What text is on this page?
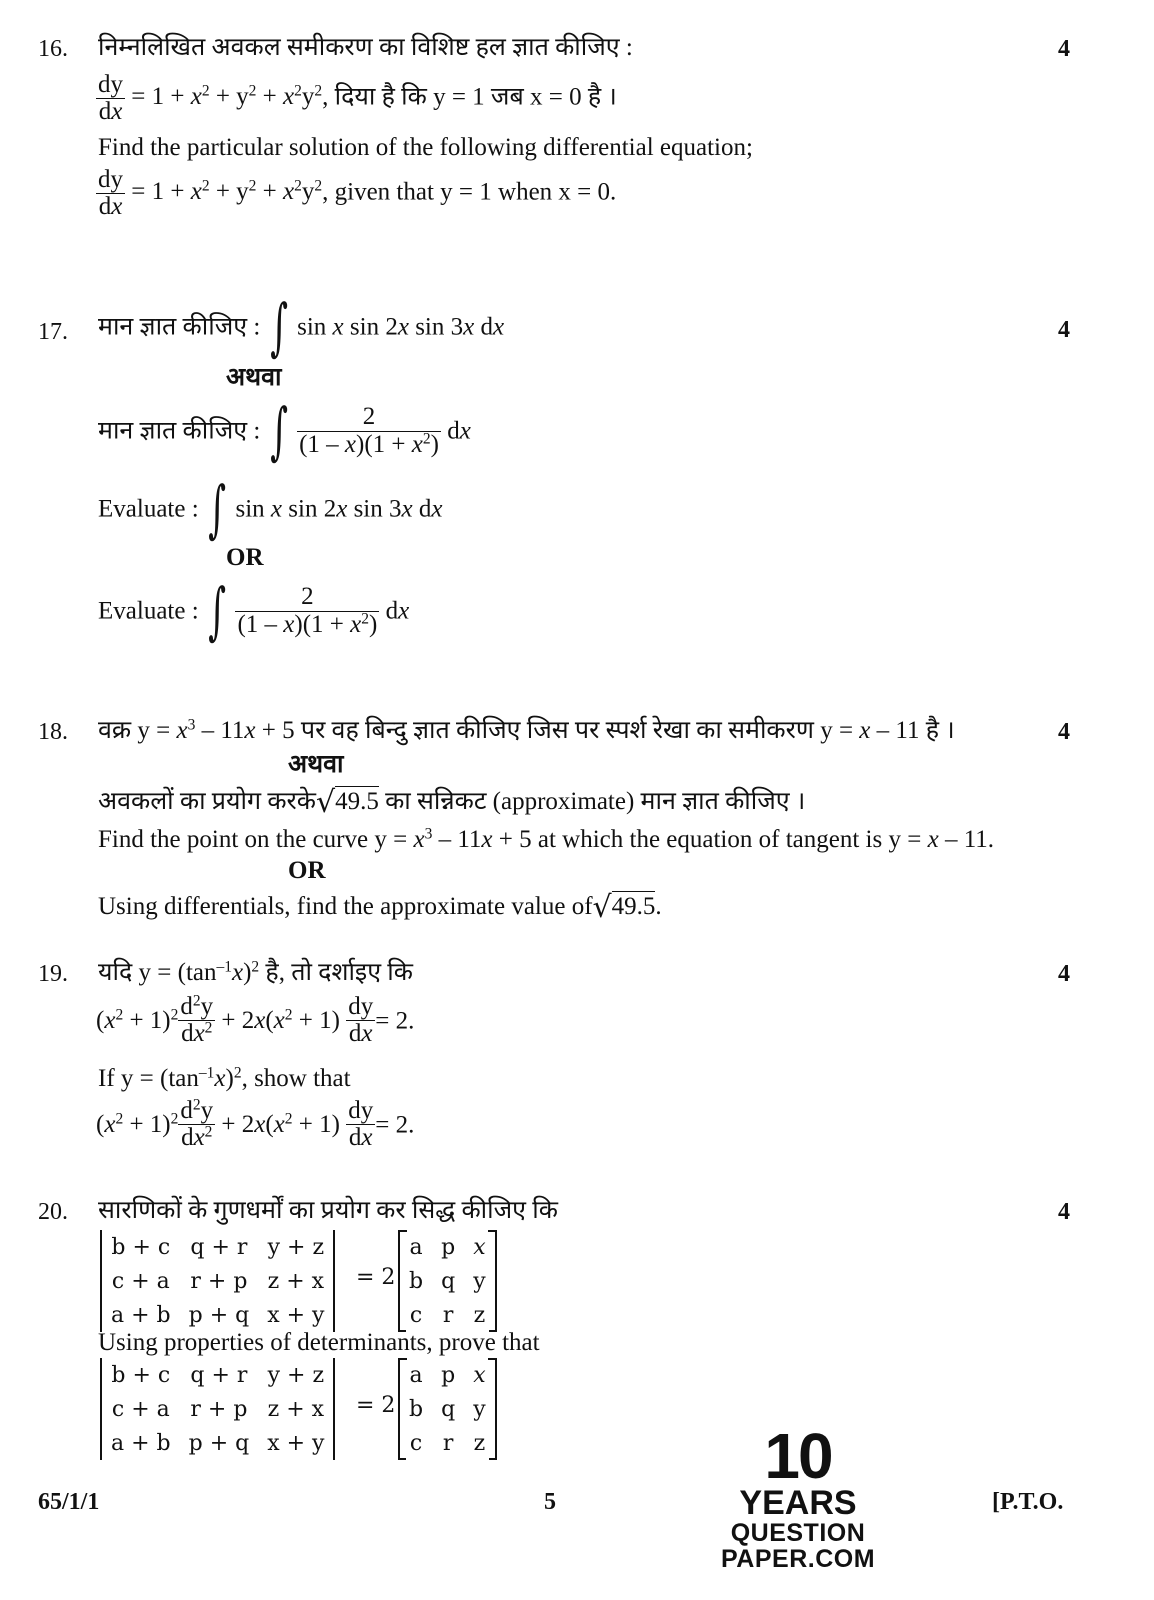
16. निम्नलिखित अवकल समीकरण का विशिष्ट हल ज्ञात कीजिए :	4
$\frac{dy}{dx} = 1 + x^2 + y^2 + x^2y^2$, दिया है कि y = 1 जब x = 0 है ।
Find the particular solution of the following differential equation;
$\frac{dy}{dx} = 1 + x^2 + y^2 + x^2y^2$, given that y = 1 when x = 0.
17.	4
मान ज्ञात कीजिए : ∫ sin x sin 2x sin 3x dx
अथवा
मान ज्ञात कीजिए : ∫ $\frac{2}{(1 - x)(1 + x^2)}$ dx
Evaluate : ∫ sin x sin 2x sin 3x dx
OR
Evaluate : ∫ $\frac{2}{(1 - x)(1 + x^2)}$ dx
18.	4
वक्र $y = x^3 - 11x + 5$ पर वह बिन्दु ज्ञात कीजिए जिस पर स्पर्श रेखा का समीकरण y = x – 11 है ।
अथवा
अवकलों का प्रयोग करके√49.5 का सन्निकट (approximate) मान ज्ञात कीजिए ।
Find the point on the curve $y = x^3 - 11x + 5$ at which the equation of tangent is y = x – 11.
OR
Using differentials, find the approximate value of√49.5.
19.	4
यदि $y = (\tan^{-1}x)^2$ है, तो दर्शाइए कि
$(x^2 + 1)^2 \frac{d^2y}{dx^2} + 2x(x^2 + 1) \frac{dy}{dx} = 2$.
If $y = (\tan^{-1}x)^2$, show that
$(x^2 + 1)^2 \frac{d^2y}{dx^2} + 2x(x^2 + 1) \frac{dy}{dx} = 2$.
20.	4
सारणिकों के गुणधर्मों का प्रयोग कर सिद्ध कीजिए कि
b + c	q + r	y + z
c + a	r + p	z + x
a + b	p + q	x + y
= 2
a	p	x
b	q	y
c	r	z

Using properties of determinants, prove that
b + c	q + r	y + z
c + a	r + p	z + x
a + b	p + q	x + y
= 2
a	p	x
b	q	y
c	r	z

65/1/1	5	[P.T.O.
10
YEARS
QUESTION PAPER.COM
